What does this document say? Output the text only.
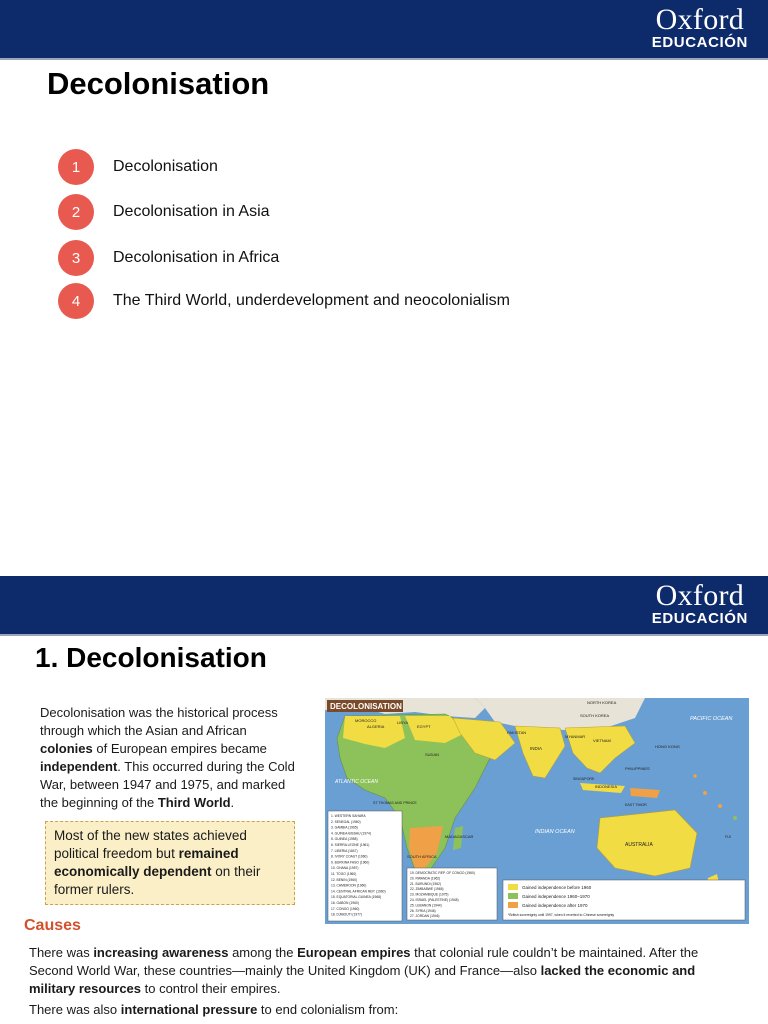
Oxford
EDUCACIÓN
Decolonisation
1	Decolonisation
2	Decolonisation in Asia
3	Decolonisation in Africa
4	The Third World, underdevelopment and neocolonialism
Oxford
EDUCACIÓN
1. Decolonisation
Decolonisation was the historical process through which the Asian and African colonies of European empires became independent. This occurred during the Cold War, between 1947 and 1975, and marked the beginning of the Third World.
Most of the new states achieved political freedom but remained economically dependent on their former rulers.
DECOLONISATION
ATLANTIC OCEAN
INDIAN OCEAN
PACIFIC OCEAN
NORTH KOREA
SOUTH KOREA
INDIA
PAKISTAN
AUSTRALIA
HONG KONG
PHILIPPINES
INDONESIA
MADAGASCAR
SOUTH AFRICA
EGYPT
LIBYA
ALGERIA
MOROCCO
SUDAN
MYANMAR
VIETNAM
ST THOMAS AND PRINCE	EAST TIMOR
FIJI
SINGAPORE
1. WESTERN SAHARA
2. SENEGAL (1960)
3. GAMBIA (1965)
4. GUINEA-BISSAU (1974)
5. GUINEA (1958)
6. SIERRA LEONE (1961)
7. LIBERIA (1847)
8. IVORY COAST (1960)
9. BURKINA FASO (1960)
10. GHANA (1957)
11. TOGO (1960)
12. BENIN (1960)
13. CAMEROON (1960)
14. CENTRAL AFRICAN REP. (1960)
15. EQUATORIAL GUINEA (1968)
16. GABON (1960)
17. CONGO (1960)
18. DJIBOUTI (1977)
19. DEMOCRATIC REP. OF CONGO (1960)
20. RWANDA (1962)
21. BURUNDI (1962)
22. ZIMBABWE (1965)
23. MOZAMBIQUE (1975)
24. ISRAEL (PALESTINE) (1948)
25. LEBANON (1944)
26. SYRIA (1946)
27. JORDAN (1946)
Gained independence before 1960
Gained independence 1960–1970
Gained independence after 1970
*British sovereignty until 1997, when it reverted to Chinese sovereignty
Causes
There was increasing awareness among the European empires that colonial rule couldn’t be maintained. After the Second World War, these countries—mainly the United Kingdom (UK) and France—also lacked the economic and military resources to control their empires.
There was also international pressure to end colonialism from:
